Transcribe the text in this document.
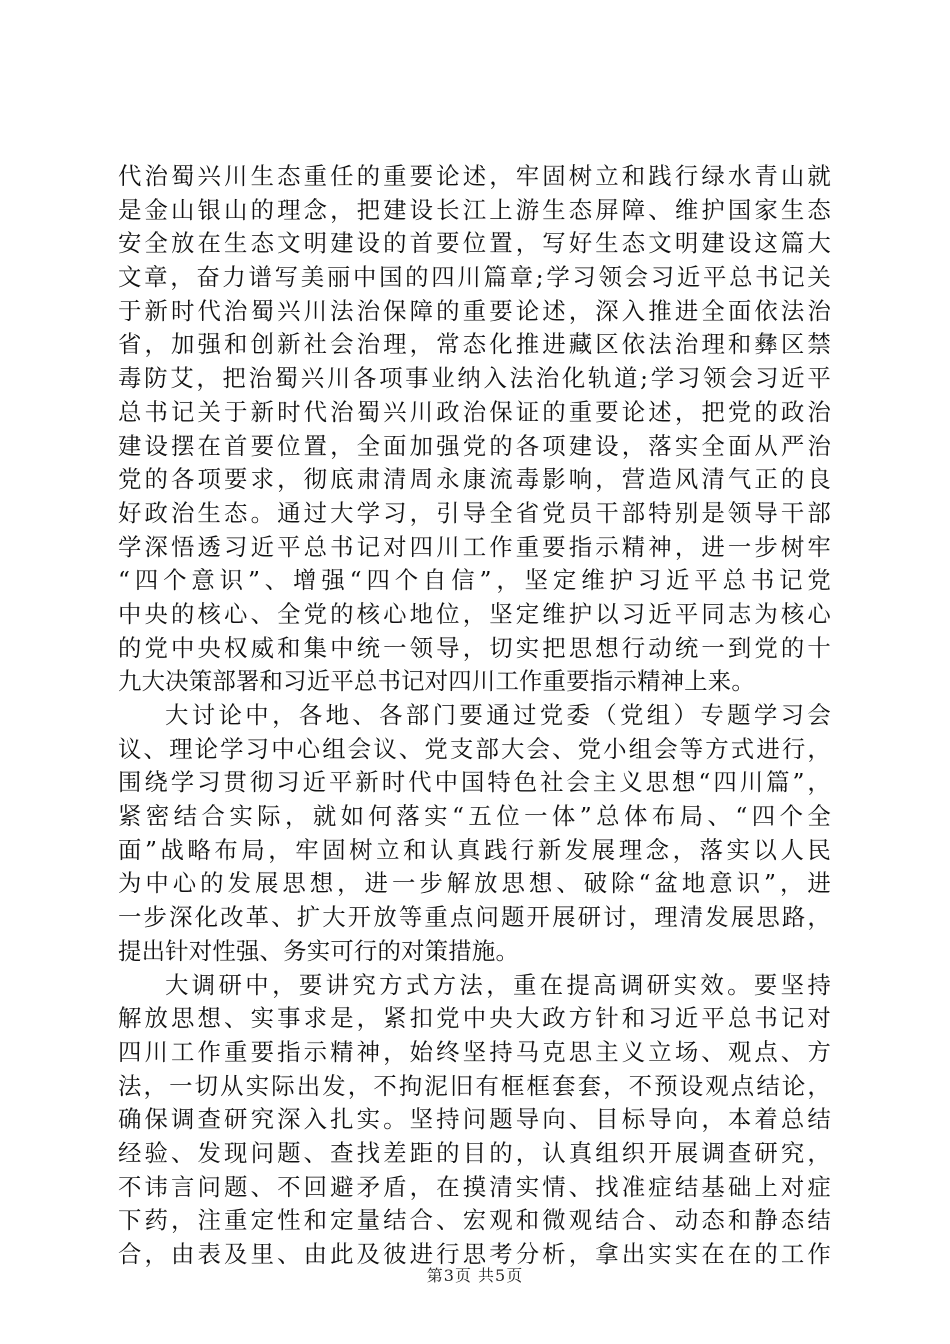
代治蜀兴川生态重任的重要论述，牢固树立和践行绿水青山就
是金山银山的理念，把建设长江上游生态屏障、维护国家生态
安全放在生态文明建设的首要位置，写好生态文明建设这篇大
文章，奋力谱写美丽中国的四川篇章;学习领会习近平总书记关
于新时代治蜀兴川法治保障的重要论述，深入推进全面依法治
省，加强和创新社会治理，常态化推进藏区依法治理和彝区禁
毒防艾，把治蜀兴川各项事业纳入法治化轨道;学习领会习近平
总书记关于新时代治蜀兴川政治保证的重要论述，把党的政治
建设摆在首要位置，全面加强党的各项建设，落实全面从严治
党的各项要求，彻底肃清周永康流毒影响，营造风清气正的良
好政治生态。通过大学习，引导全省党员干部特别是领导干部
学深悟透习近平总书记对四川工作重要指示精神，进一步树牢
“四个意识”、增强“四个自信”，坚定维护习近平总书记党
中央的核心、全党的核心地位，坚定维护以习近平同志为核心
的党中央权威和集中统一领导，切实把思想行动统一到党的十
九大决策部署和习近平总书记对四川工作重要指示精神上来。
大讨论中，各地、各部门要通过党委（党组）专题学习会
议、理论学习中心组会议、党支部大会、党小组会等方式进行，
围绕学习贯彻习近平新时代中国特色社会主义思想“四川篇”，
紧密结合实际，就如何落实“五位一体”总体布局、“四个全
面”战略布局，牢固树立和认真践行新发展理念，落实以人民
为中心的发展思想，进一步解放思想、破除“盆地意识”，进
一步深化改革、扩大开放等重点问题开展研讨，理清发展思路，
提出针对性强、务实可行的对策措施。
大调研中，要讲究方式方法，重在提高调研实效。要坚持
解放思想、实事求是，紧扣党中央大政方针和习近平总书记对
四川工作重要指示精神，始终坚持马克思主义立场、观点、方
法，一切从实际出发，不拘泥旧有框框套套，不预设观点结论，
确保调查研究深入扎实。坚持问题导向、目标导向，本着总结
经验、发现问题、查找差距的目的，认真组织开展调查研究，
不讳言问题、不回避矛盾，在摸清实情、找准症结基础上对症
下药，注重定性和定量结合、宏观和微观结合、动态和静态结
合，由表及里、由此及彼进行思考分析，拿出实实在在的工作
第3页 共5页
